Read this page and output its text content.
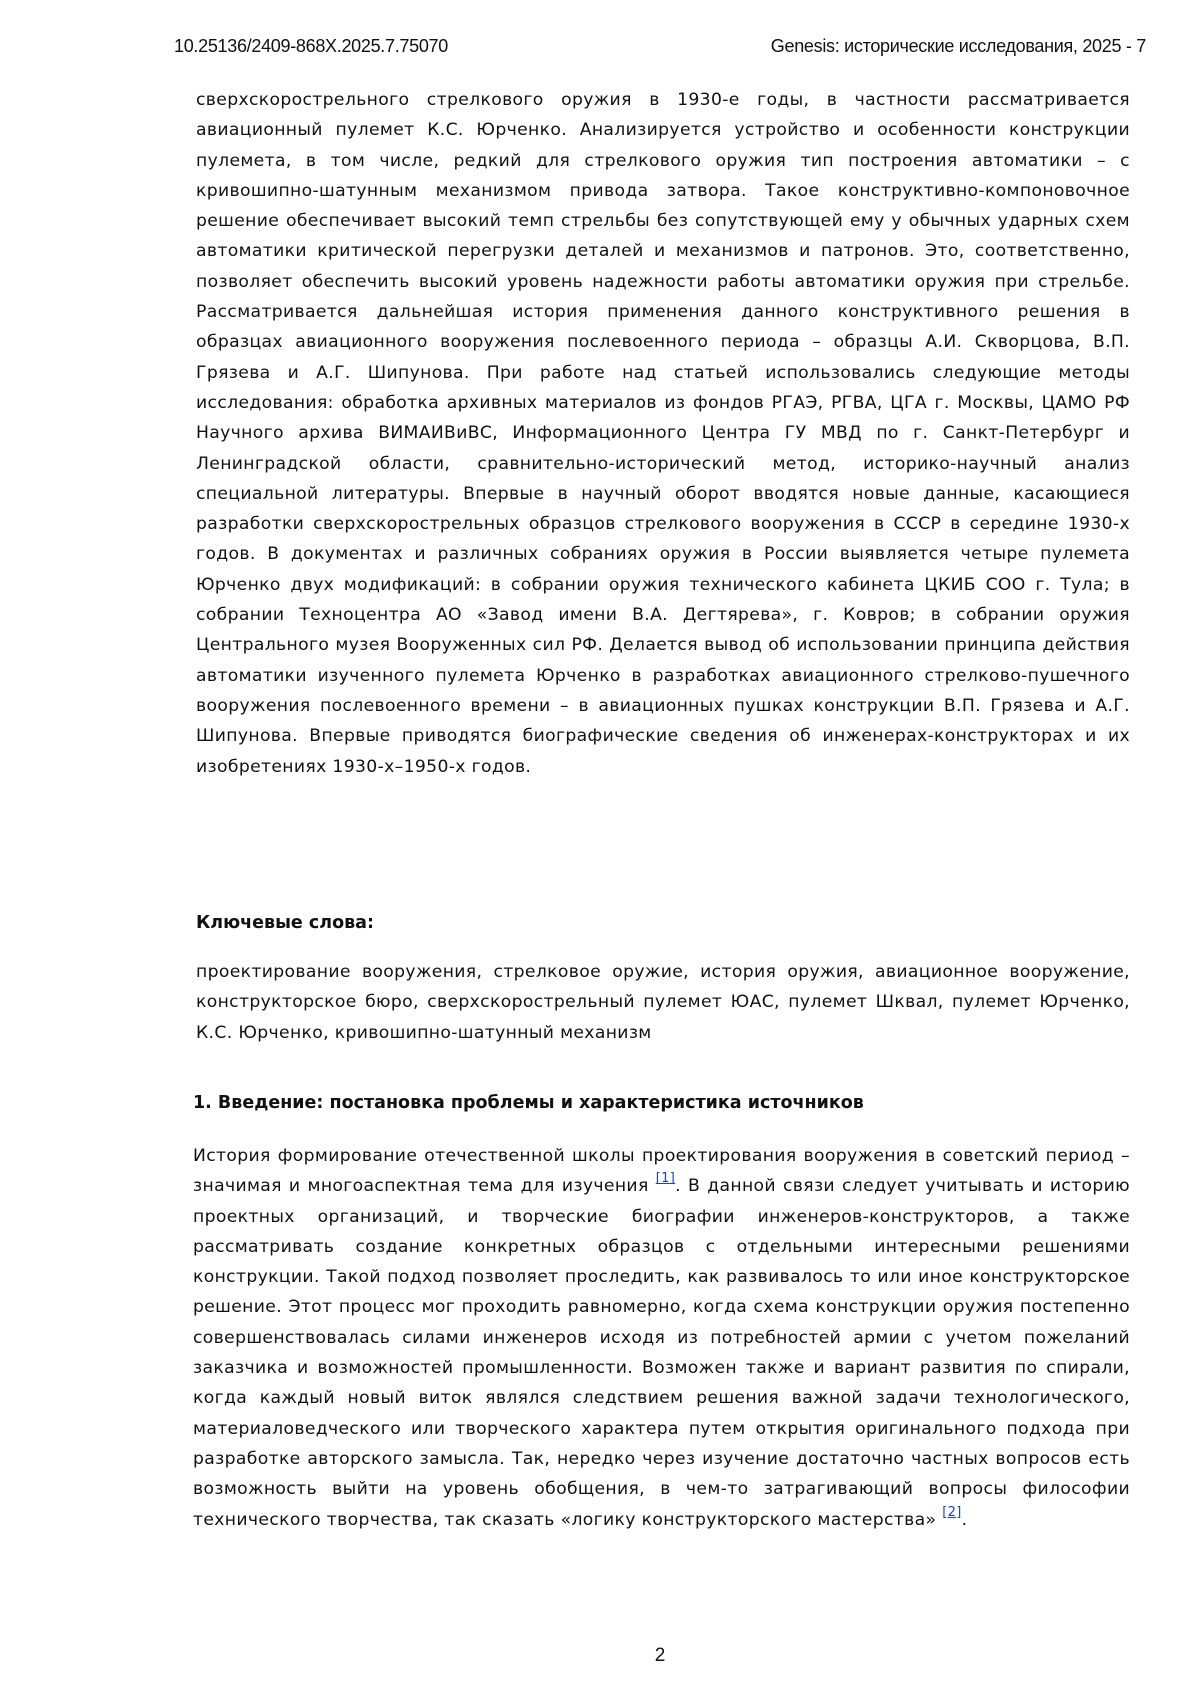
10.25136/2409-868X.2025.7.75070	Genesis: исторические исследования, 2025 - 7

сверхскорострельного стрелкового оружия в 1930-е годы, в частности рассматривается авиационный пулемет К.С. Юрченко. Анализируется устройство и особенности конструкции пулемета, в том числе, редкий для стрелкового оружия тип построения автоматики – с кривошипно-шатунным механизмом привода затвора. Такое конструктивно-компоновочное решение обеспечивает высокий темп стрельбы без сопутствующей ему у обычных ударных схем автоматики критической перегрузки деталей и механизмов и патронов. Это, соответственно, позволяет обеспечить высокий уровень надежности работы автоматики оружия при стрельбе. Рассматривается дальнейшая история применения данного конструктивного решения в образцах авиационного вооружения послевоенного периода – образцы А.И. Скворцова, В.П. Грязева и А.Г. Шипунова. При работе над статьей использовались следующие методы исследования: обработка архивных материалов из фондов РГАЭ, РГВА, ЦГА г. Москвы, ЦАМО РФ Научного архива ВИМАИВиВС, Информационного Центра ГУ МВД по г. Санкт-Петербург и Ленинградской области, сравнительно-исторический метод, историко-научный анализ специальной литературы. Впервые в научный оборот вводятся новые данные, касающиеся разработки сверхскорострельных образцов стрелкового вооружения в СССР в середине 1930-х годов. В документах и различных собраниях оружия в России выявляется четыре пулемета Юрченко двух модификаций: в собрании оружия технического кабинета ЦКИБ СОО г. Тула; в собрании Техноцентра АО «Завод имени В.А. Дегтярева», г. Ковров; в собрании оружия Центрального музея Вооруженных сил РФ. Делается вывод об использовании принципа действия автоматики изученного пулемета Юрченко в разработках авиационного стрелково-пушечного вооружения послевоенного времени – в авиационных пушках конструкции В.П. Грязева и А.Г. Шипунова. Впервые приводятся биографические сведения об инженерах-конструкторах и их изобретениях 1930-х–1950-х годов.

Ключевые слова:

проектирование вооружения, стрелковое оружие, история оружия, авиационное вооружение, конструкторское бюро, сверхскорострельный пулемет ЮАС, пулемет Шквал, пулемет Юрченко, К.С. Юрченко, кривошипно-шатунный механизм

1. Введение: постановка проблемы и характеристика источников

История формирование отечественной школы проектирования вооружения в советский период – значимая и многоаспектная тема для изучения [1]. В данной связи следует учитывать и историю проектных организаций, и творческие биографии инженеров-конструкторов, а также рассматривать создание конкретных образцов с отдельными интересными решениями конструкции. Такой подход позволяет проследить, как развивалось то или иное конструкторское решение. Этот процесс мог проходить равномерно, когда схема конструкции оружия постепенно совершенствовалась силами инженеров исходя из потребностей армии с учетом пожеланий заказчика и возможностей промышленности. Возможен также и вариант развития по спирали, когда каждый новый виток являлся следствием решения важной задачи технологического, материаловедческого или творческого характера путем открытия оригинального подхода при разработке авторского замысла. Так, нередко через изучение достаточно частных вопросов есть возможность выйти на уровень обобщения, в чем-то затрагивающий вопросы философии технического творчества, так сказать «логику конструкторского мастерства» [2].

2
